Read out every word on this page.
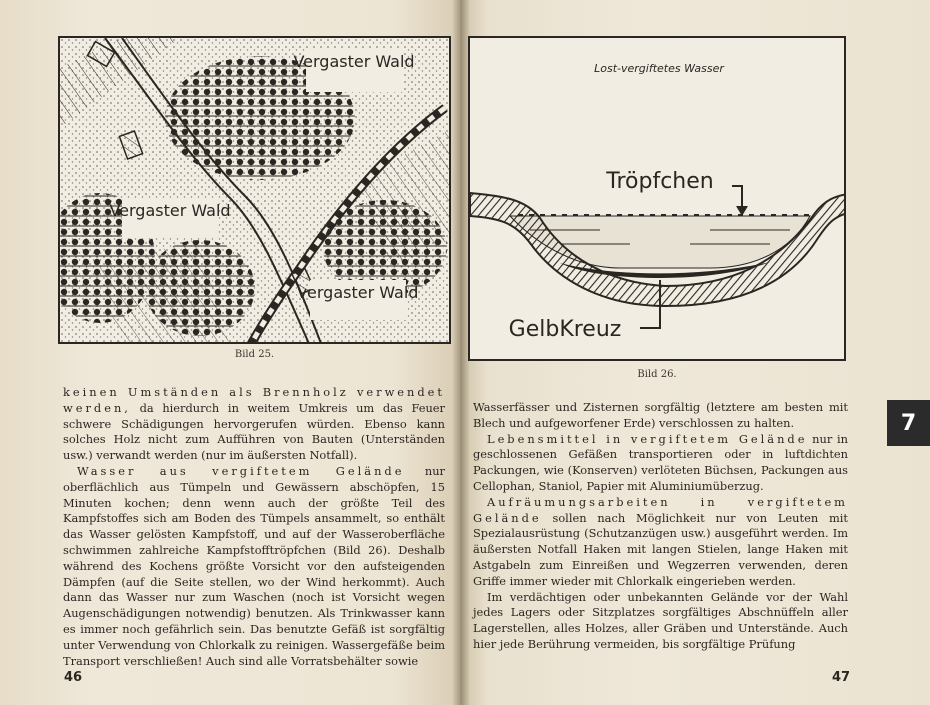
Vergaster Wald
Vergaster Wald
vergaster Wald
Bild 25.

keinen Umständen als Brennholz verwendet werden, da hierdurch in weitem Umkreis um das Feuer schwere Schädigungen hervorgerufen würden. Ebenso kann solches Holz nicht zum Aufführen von Bauten (Unterständen usw.) verwandt werden (nur im äußersten Notfall).

Wasser aus vergiftetem Gelände nur oberflächlich aus Tümpeln und Gewässern abschöpfen, 15 Minuten kochen; denn wenn auch der größte Teil des Kampfstoffes sich am Boden des Tümpels ansammelt, so enthält das Wasser gelösten Kampfstoff, und auf der Wasseroberfläche schwimmen zahlreiche Kampfstofftröpfchen (Bild 26). Deshalb während des Kochens größte Vorsicht vor den aufsteigenden Dämpfen (auf die Seite stellen, wo der Wind herkommt). Auch dann das Wasser nur zum Waschen (noch ist Vorsicht wegen Augenschädigungen notwendig) benutzen. Als Trinkwasser kann es immer noch gefährlich sein. Das benutzte Gefäß ist sorgfältig unter Verwendung von Chlorkalk zu reinigen. Wassergefäße beim Transport verschließen! Auch sind alle Vorratsbehälter sowie

46
Lost-vergiftetes Wasser
Tröpfchen
GelbKreuz
Bild 26.

Wasserfässer und Zisternen sorgfältig (letztere am besten mit Blech und aufgeworfener Erde) verschlossen zu halten.

Lebensmittel in vergiftetem Gelände nur in geschlossenen Gefäßen transportieren oder in luftdichten Packungen, wie (Konserven) verlöteten Büchsen, Packungen aus Cellophan, Staniol, Papier mit Aluminiumüberzug.

Aufräumungsarbeiten in vergiftetem Gelände sollen nach Möglichkeit nur von Leuten mit Spezialausrüstung (Schutzanzügen usw.) ausgeführt werden. Im äußersten Notfall Haken mit langen Stielen, lange Haken mit Astgabeln zum Einreißen und Wegzerren verwenden, deren Griffe immer wieder mit Chlorkalk eingerieben werden.

Im verdächtigen oder unbekannten Gelände vor der Wahl jedes Lagers oder Sitzplatzes sorgfältiges Abschnüffeln aller Lagerstellen, alles Holzes, aller Gräben und Unterstände. Auch hier jede Berührung vermeiden, bis sorgfältige Prüfung

47
7
